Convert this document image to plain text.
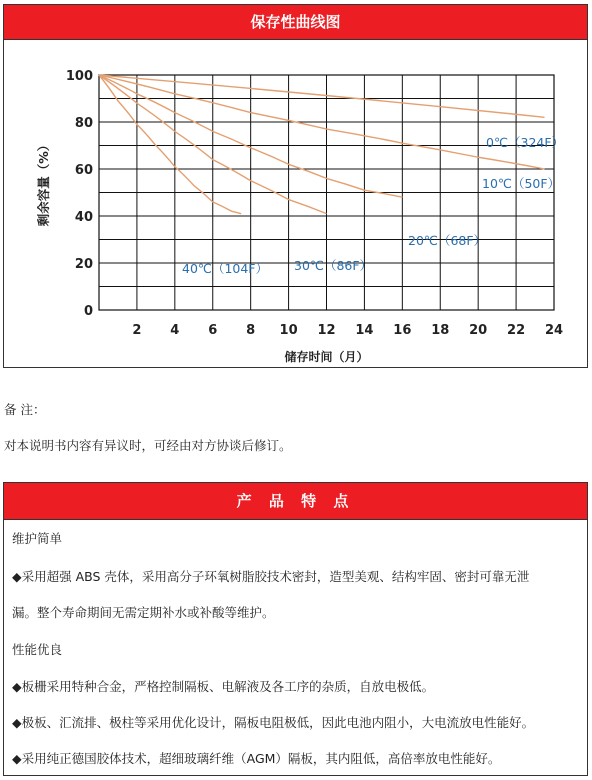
保存性曲线图
0
20
40
60
80
100
2 4 6 8 10 12 14 16 18 20 22 24
储存时间（月）
剩余容量（%）	0℃（324F）
10℃（50F）
20℃（68F）
30℃（86F）
40℃（104F）
备 注：
对本说明书内容有异议时，可经由对方协谈后修订。
产 品 特 点
维护简单
◆采用超强 ABS 壳体，采用高分子环氧树脂胶技术密封，造型美观、结构牢固、密封可靠无泄
漏。整个寿命期间无需定期补水或补酸等维护。
性能优良
◆板栅采用特种合金，严格控制隔板、电解液及各工序的杂质，自放电极低。
◆极板、汇流排、极柱等采用优化设计，隔板电阻极低，因此电池内阻小，大电流放电性能好。
◆采用纯正德国胶体技术，超细玻璃纤维（AGM）隔板，其内阻低，高倍率放电性能好。
